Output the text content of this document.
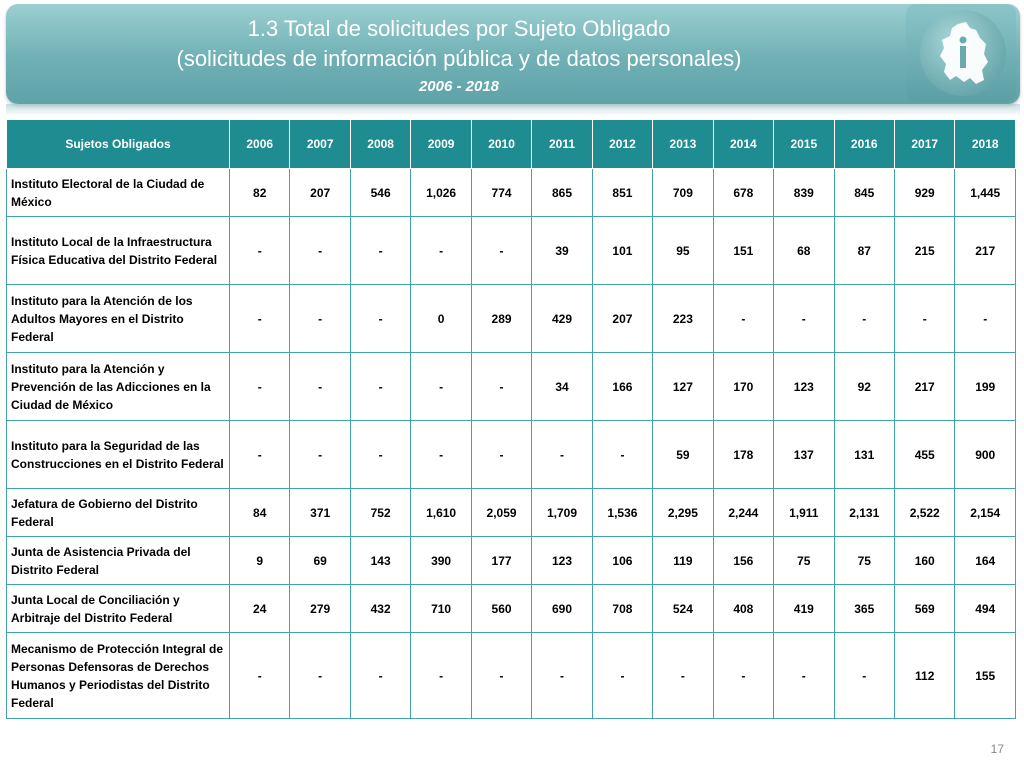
1.3 Total de solicitudes por Sujeto Obligado
(solicitudes de información pública y de datos personales)
2006 - 2018
Sujetos Obligados	2006	2007	2008	2009	2010	2011	2012	2013	2014	2015	2016	2017	2018
Instituto Electoral de la Ciudad de México	82	207	546	1,026	774	865	851	709	678	839	845	929	1,445
Instituto Local de la Infraestructura Física Educativa del Distrito Federal	-	-	-	-	-	39	101	95	151	68	87	215	217
Instituto para la Atención de los Adultos Mayores en el Distrito Federal	-	-	-	0	289	429	207	223	-	-	-	-	-
Instituto para la Atención y Prevención de las Adicciones en la Ciudad de México	-	-	-	-	-	34	166	127	170	123	92	217	199
Instituto para la Seguridad de las Construcciones en el Distrito Federal	-	-	-	-	-	-	-	59	178	137	131	455	900
Jefatura de Gobierno del Distrito Federal	84	371	752	1,610	2,059	1,709	1,536	2,295	2,244	1,911	2,131	2,522	2,154
Junta de Asistencia Privada del Distrito Federal	9	69	143	390	177	123	106	119	156	75	75	160	164
Junta Local de Conciliación y Arbitraje del Distrito Federal	24	279	432	710	560	690	708	524	408	419	365	569	494
Mecanismo de Protección Integral de Personas Defensoras de Derechos Humanos y Periodistas del Distrito Federal	-	-	-	-	-	-	-	-	-	-	-	112	155
17
